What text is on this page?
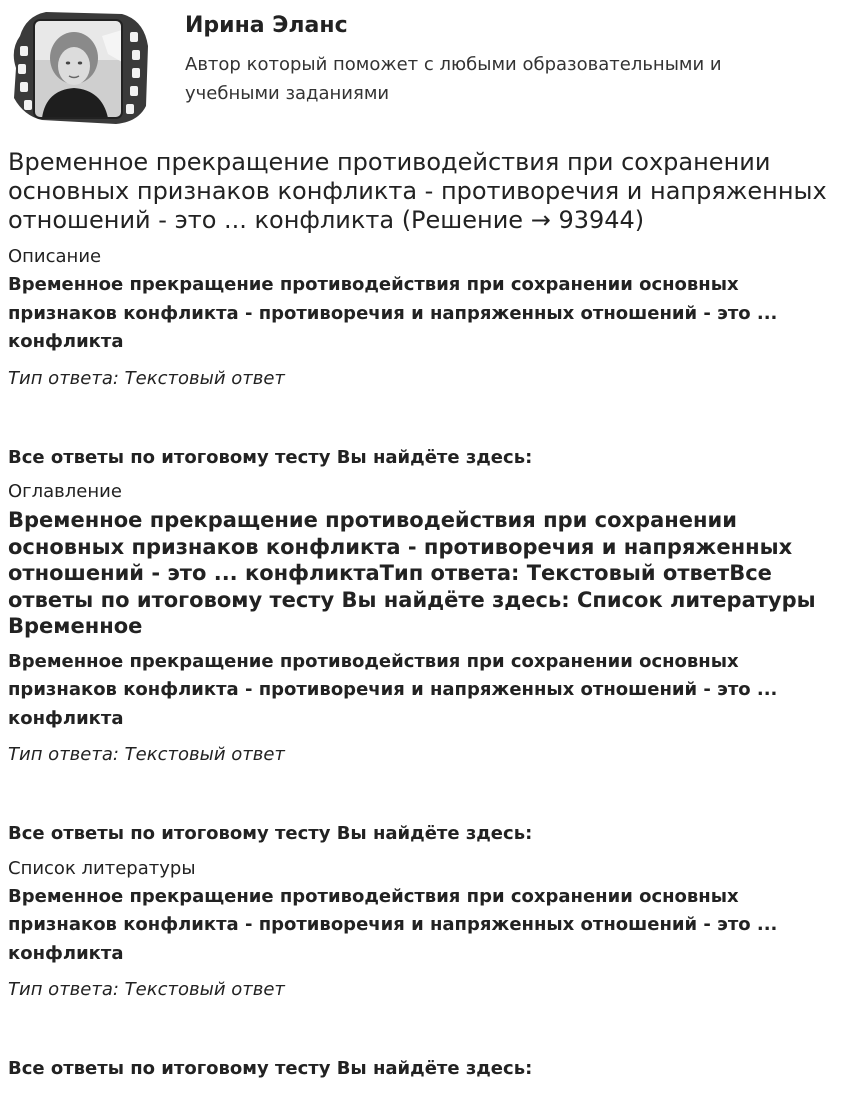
Ирина Эланс

Автор который поможет с любыми образовательными и учебными заданиями

Временное прекращение противодействия при сохранении основных признаков конфликта - противоречия и напряженных отношений - это ... конфликта (Решение → 93944)

Описание

Временное прекращение противодействия при сохранении основных признаков конфликта - противоречия и напряженных отношений - это ... конфликта

Тип ответа: Текстовый ответ

Все ответы по итоговому тесту Вы найдёте здесь:

Оглавление

Временное прекращение противодействия при сохранении основных признаков конфликта - противоречия и напряженных отношений - это ... конфликтаТип ответа: Текстовый ответВсе ответы по итоговому тесту Вы найдёте здесь: Список литературы Временное

Временное прекращение противодействия при сохранении основных признаков конфликта - противоречия и напряженных отношений - это ... конфликта

Тип ответа: Текстовый ответ

Все ответы по итоговому тесту Вы найдёте здесь:

Список литературы

Временное прекращение противодействия при сохранении основных признаков конфликта - противоречия и напряженных отношений - это ... конфликта

Тип ответа: Текстовый ответ

Все ответы по итоговому тесту Вы найдёте здесь:
